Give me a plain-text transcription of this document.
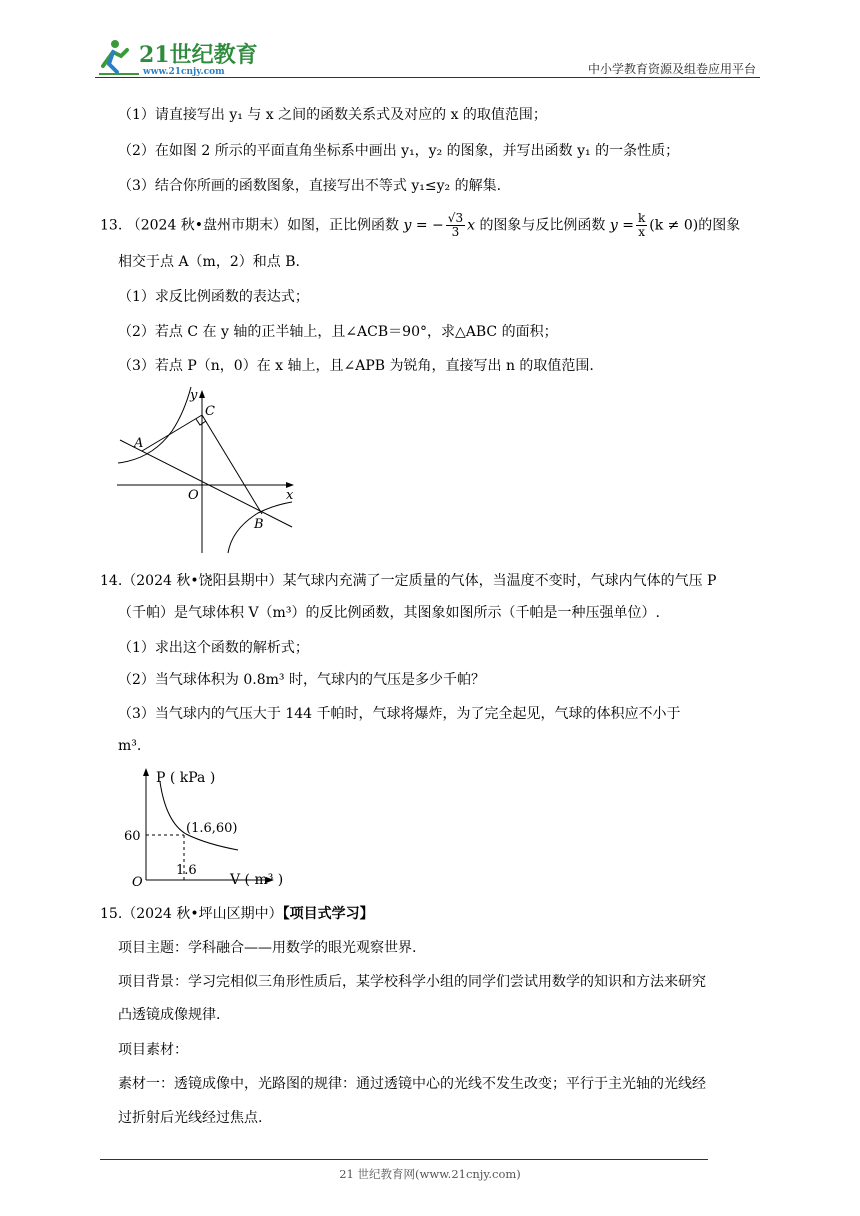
21世纪教育
www.21cnjy.com	中小学教育资源及组卷应用平台
（1）请直接写出 y₁ 与 x 之间的函数关系式及对应的 x 的取值范围；
（2）在如图 2 所示的平面直角坐标系中画出 y₁，y₂ 的图象，并写出函数 y₁ 的一条性质；
（3）结合你所画的函数图象，直接写出不等式 y₁≤y₂ 的解集.
13. （2024 秋•盘州市期末）如图，正比例函数 y = − $\frac{√3}{3}$ x 的图象与反比例函数 $y = \frac{k}{x} (k \ne 0)$的图象
相交于点 A（m，2）和点 B.
（1）求反比例函数的表达式；
（2）若点 C 在 y 轴的正半轴上，且∠ACB＝90°，求△ABC 的面积；
（3）若点 P（n，0）在 x 轴上，且∠APB 为锐角，直接写出 n 的取值范围.
A
B
C
O	x
y
14.（2024 秋•饶阳县期中）某气球内充满了一定质量的气体，当温度不变时，气球内气体的气压 P
（千帕）是气球体积 V（m³）的反比例函数，其图象如图所示（千帕是一种压强单位）.
（1）求出这个函数的解析式；
（2）当气球体积为 0.8m³ 时，气球内的气压是多少千帕？
（3）当气球内的气压大于 144 千帕时，气球将爆炸，为了完全起见，气球的体积应不小于
m³.
P ( kPa )
60
1.6
(1.6,60)
V ( m³ )
O
15.（2024 秋•坪山区期中）【项目式学习】
项目主题：学科融合——用数学的眼光观察世界.
项目背景：学习完相似三角形性质后，某学校科学小组的同学们尝试用数学的知识和方法来研究
凸透镜成像规律.
项目素材：
素材一：透镜成像中，光路图的规律：通过透镜中心的光线不发生改变；平行于主光轴的光线经
过折射后光线经过焦点.
21 世纪教育网(www.21cnjy.com)
